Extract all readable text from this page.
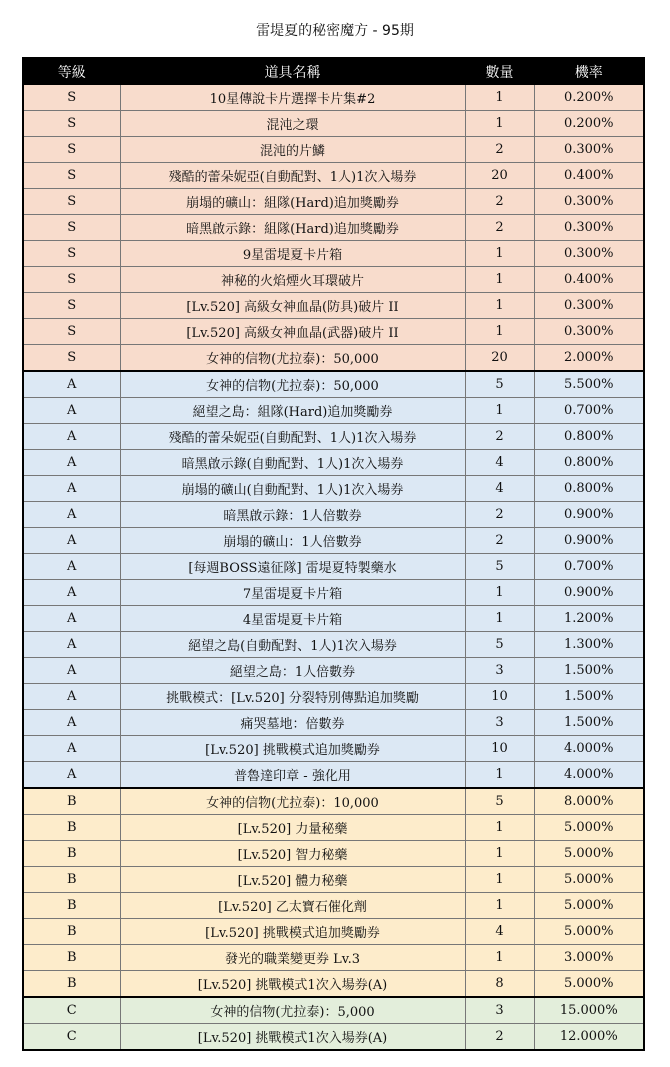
雷堤夏的秘密魔方 - 95期
等級	道具名稱	數量	機率
S	10星傳說卡片選擇卡片集#2	1	0.200%
S	混沌之環	1	0.200%
S	混沌的片鱗	2	0.300%
S	殘酷的蕾朵妮亞(自動配對、1人)1次入場券	20	0.400%
S	崩塌的礦山：組隊(Hard)追加獎勵券	2	0.300%
S	暗黑啟示錄：組隊(Hard)追加獎勵券	2	0.300%
S	9星雷堤夏卡片箱	1	0.300%
S	神秘的火焰煙火耳環破片	1	0.400%
S	[Lv.520] 高級女神血晶(防具)破片 II	1	0.300%
S	[Lv.520] 高級女神血晶(武器)破片 II	1	0.300%
S	女神的信物(尤拉泰)：50,000	20	2.000%
A	女神的信物(尤拉泰)：50,000	5	5.500%
A	絕望之島：組隊(Hard)追加獎勵券	1	0.700%
A	殘酷的蕾朵妮亞(自動配對、1人)1次入場券	2	0.800%
A	暗黑啟示錄(自動配對、1人)1次入場券	4	0.800%
A	崩塌的礦山(自動配對、1人)1次入場券	4	0.800%
A	暗黑啟示錄：1人倍數券	2	0.900%
A	崩塌的礦山：1人倍數券	2	0.900%
A	[每週BOSS遠征隊] 雷堤夏特製藥水	5	0.700%
A	7星雷堤夏卡片箱	1	0.900%
A	4星雷堤夏卡片箱	1	1.200%
A	絕望之島(自動配對、1人)1次入場券	5	1.300%
A	絕望之島：1人倍數券	3	1.500%
A	挑戰模式：[Lv.520] 分裂特別傳點追加獎勵	10	1.500%
A	痛哭墓地：倍數券	3	1.500%
A	[Lv.520] 挑戰模式追加獎勵券	10	4.000%
A	普魯達印章 - 強化用	1	4.000%
B	女神的信物(尤拉泰)：10,000	5	8.000%
B	[Lv.520] 力量秘藥	1	5.000%
B	[Lv.520] 智力秘藥	1	5.000%
B	[Lv.520] 體力秘藥	1	5.000%
B	[Lv.520] 乙太寶石催化劑	1	5.000%
B	[Lv.520] 挑戰模式追加獎勵券	4	5.000%
B	發光的職業變更券 Lv.3	1	3.000%
B	[Lv.520] 挑戰模式1次入場券(A)	8	5.000%
C	女神的信物(尤拉泰)：5,000	3	15.000%
C	[Lv.520] 挑戰模式1次入場券(A)	2	12.000%
